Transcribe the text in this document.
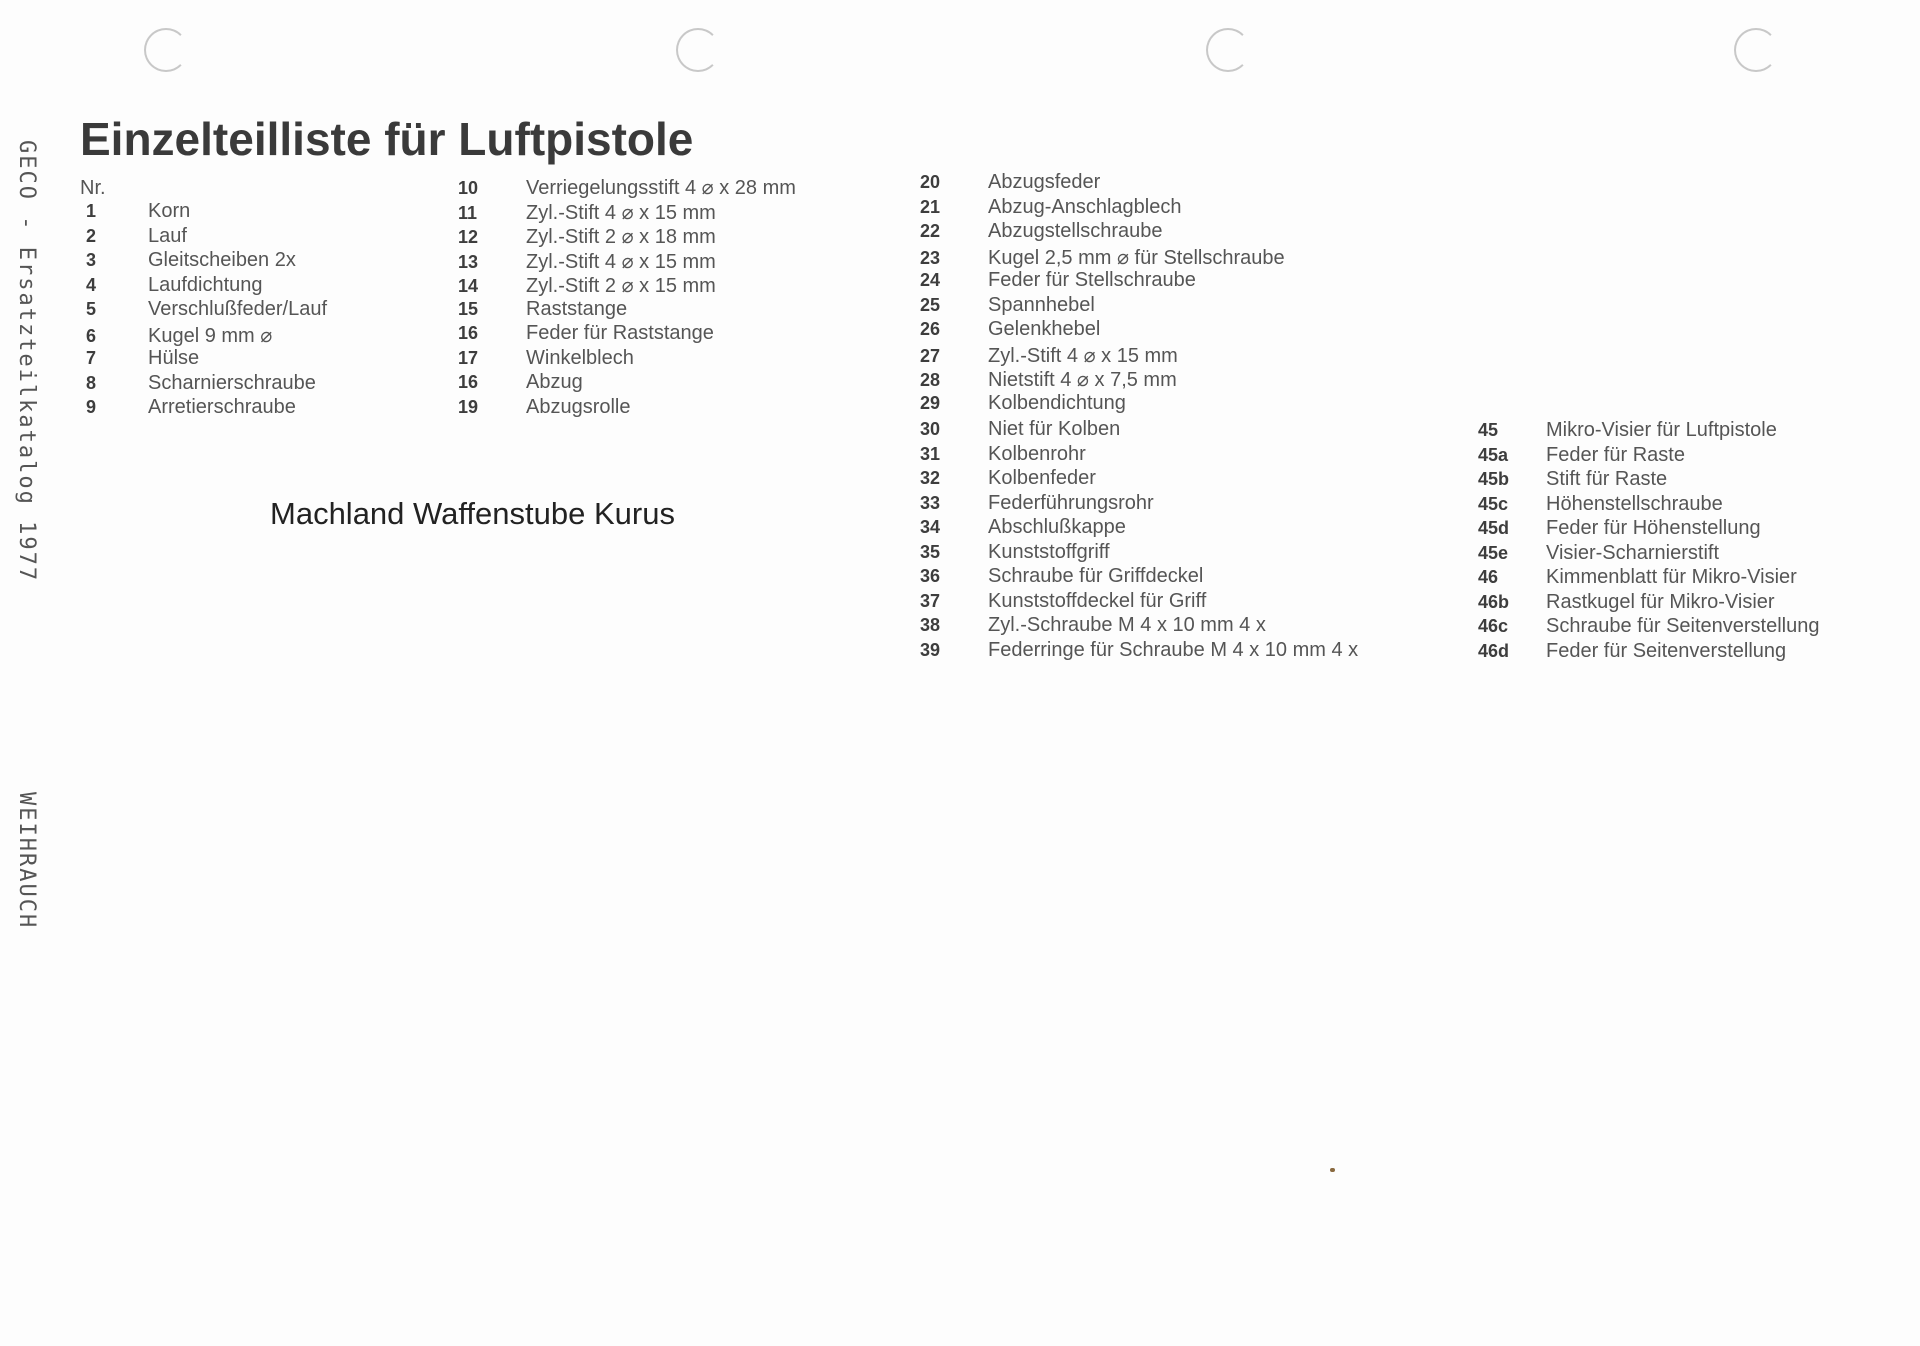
GECO - Ersatzteilkatalog 1977
WEIHRAUCH
Einzelteilliste für Luftpistole
Nr.
1	Korn
2	Lauf
3	Gleitscheiben 2x
4	Laufdichtung
5	Verschlußfeder/Lauf
6	Kugel 9 mm ⌀
7	Hülse
8	Scharnierschraube
9	Arretierschraube
10	Verriegelungsstift 4 ⌀ x 28 mm
11	Zyl.-Stift 4 ⌀ x 15 mm
12	Zyl.-Stift 2 ⌀ x 18 mm
13	Zyl.-Stift 4 ⌀ x 15 mm
14	Zyl.-Stift 2 ⌀ x 15 mm
15	Raststange
16	Feder für Raststange
17	Winkelblech
16	Abzug
19	Abzugsrolle
20	Abzugsfeder
21	Abzug-Anschlagblech
22	Abzugstellschraube
23	Kugel 2,5 mm ⌀ für Stellschraube
24	Feder für Stellschraube
25	Spannhebel
26	Gelenkhebel
27	Zyl.-Stift 4 ⌀ x 15 mm
28	Nietstift 4 ⌀ x 7,5 mm
29	Kolbendichtung
30	Niet für Kolben
31	Kolbenrohr
32	Kolbenfeder
33	Federführungsrohr
34	Abschlußkappe
35	Kunststoffgriff
36	Schraube für Griffdeckel
37	Kunststoffdeckel für Griff
38	Zyl.-Schraube M 4 x 10 mm 4 x
39	Federringe für Schraube M 4 x 10 mm 4 x
45	Mikro-Visier für Luftpistole
45a	Feder für Raste
45b	Stift für Raste
45c	Höhenstellschraube
45d	Feder für Höhenstellung
45e	Visier-Scharnierstift
46	Kimmenblatt für Mikro-Visier
46b	Rastkugel für Mikro-Visier
46c	Schraube für Seitenverstellung
46d	Feder für Seitenverstellung
Machland Waffenstube Kurus
